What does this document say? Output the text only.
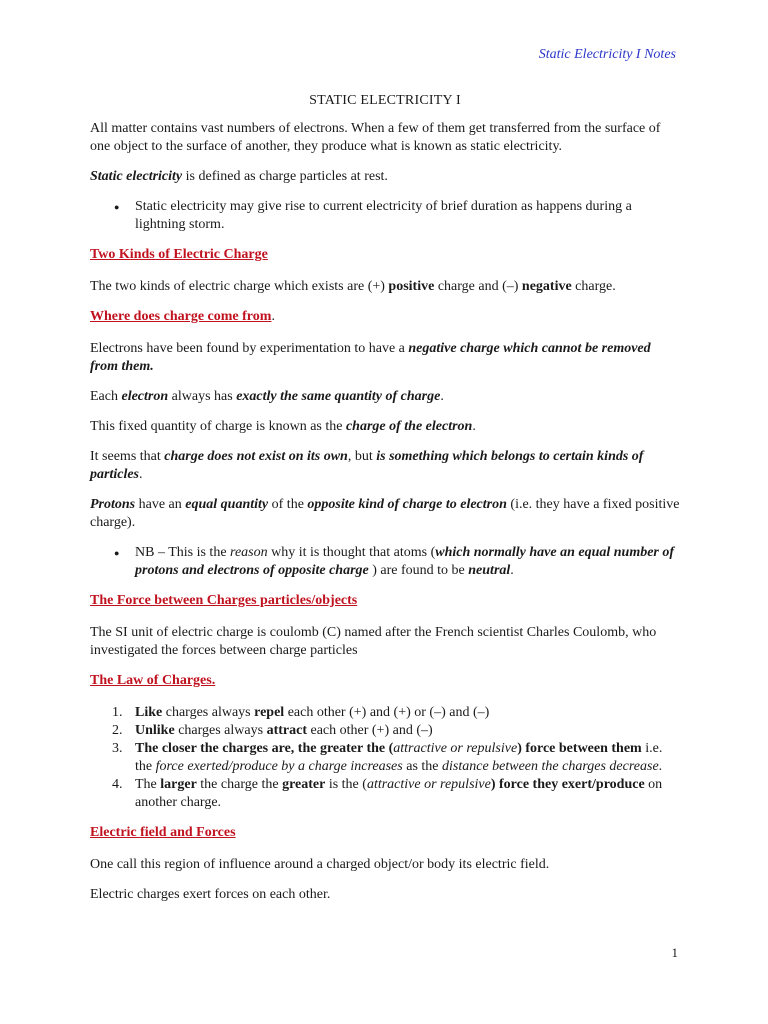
Static Electricity I Notes
STATIC ELECTRICITY I

All matter contains vast numbers of electrons. When a few of them get transferred from the surface of one object to the surface of another, they produce what is known as static electricity.

Static electricity is defined as charge particles at rest.

● Static electricity may give rise to current electricity of brief duration as happens during a lightning storm.
Two Kinds of Electric Charge

The two kinds of electric charge which exists are (+) positive charge and (–) negative charge.

Where does charge come from.

Electrons have been found by experimentation to have a negative charge which cannot be removed from them.

Each electron always has exactly the same quantity of charge.

This fixed quantity of charge is known as the charge of the electron.

It seems that charge does not exist on its own, but is something which belongs to certain kinds of particles.

Protons have an equal quantity of the opposite kind of charge to electron (i.e. they have a fixed positive charge).

● NB – This is the reason why it is thought that atoms (which normally have an equal number of protons and electrons of opposite charge ) are found to be neutral.
The Force between Charges particles/objects

The SI unit of electric charge is coulomb (C) named after the French scientist Charles Coulomb, who investigated the forces between charge particles

The Law of Charges.
1. Like charges always repel each other (+) and (+) or (–) and (–)
2. Unlike charges always attract each other (+) and (–)
3. The closer the charges are, the greater the (attractive or repulsive) force between them i.e. the force exerted/produce by a charge increases as the distance between the charges decrease.
4. The larger the charge the greater is the (attractive or repulsive) force they exert/produce on another charge.
Electric field and Forces

One call this region of influence around a charged object/or body its electric field.

Electric charges exert forces on each other.

1
